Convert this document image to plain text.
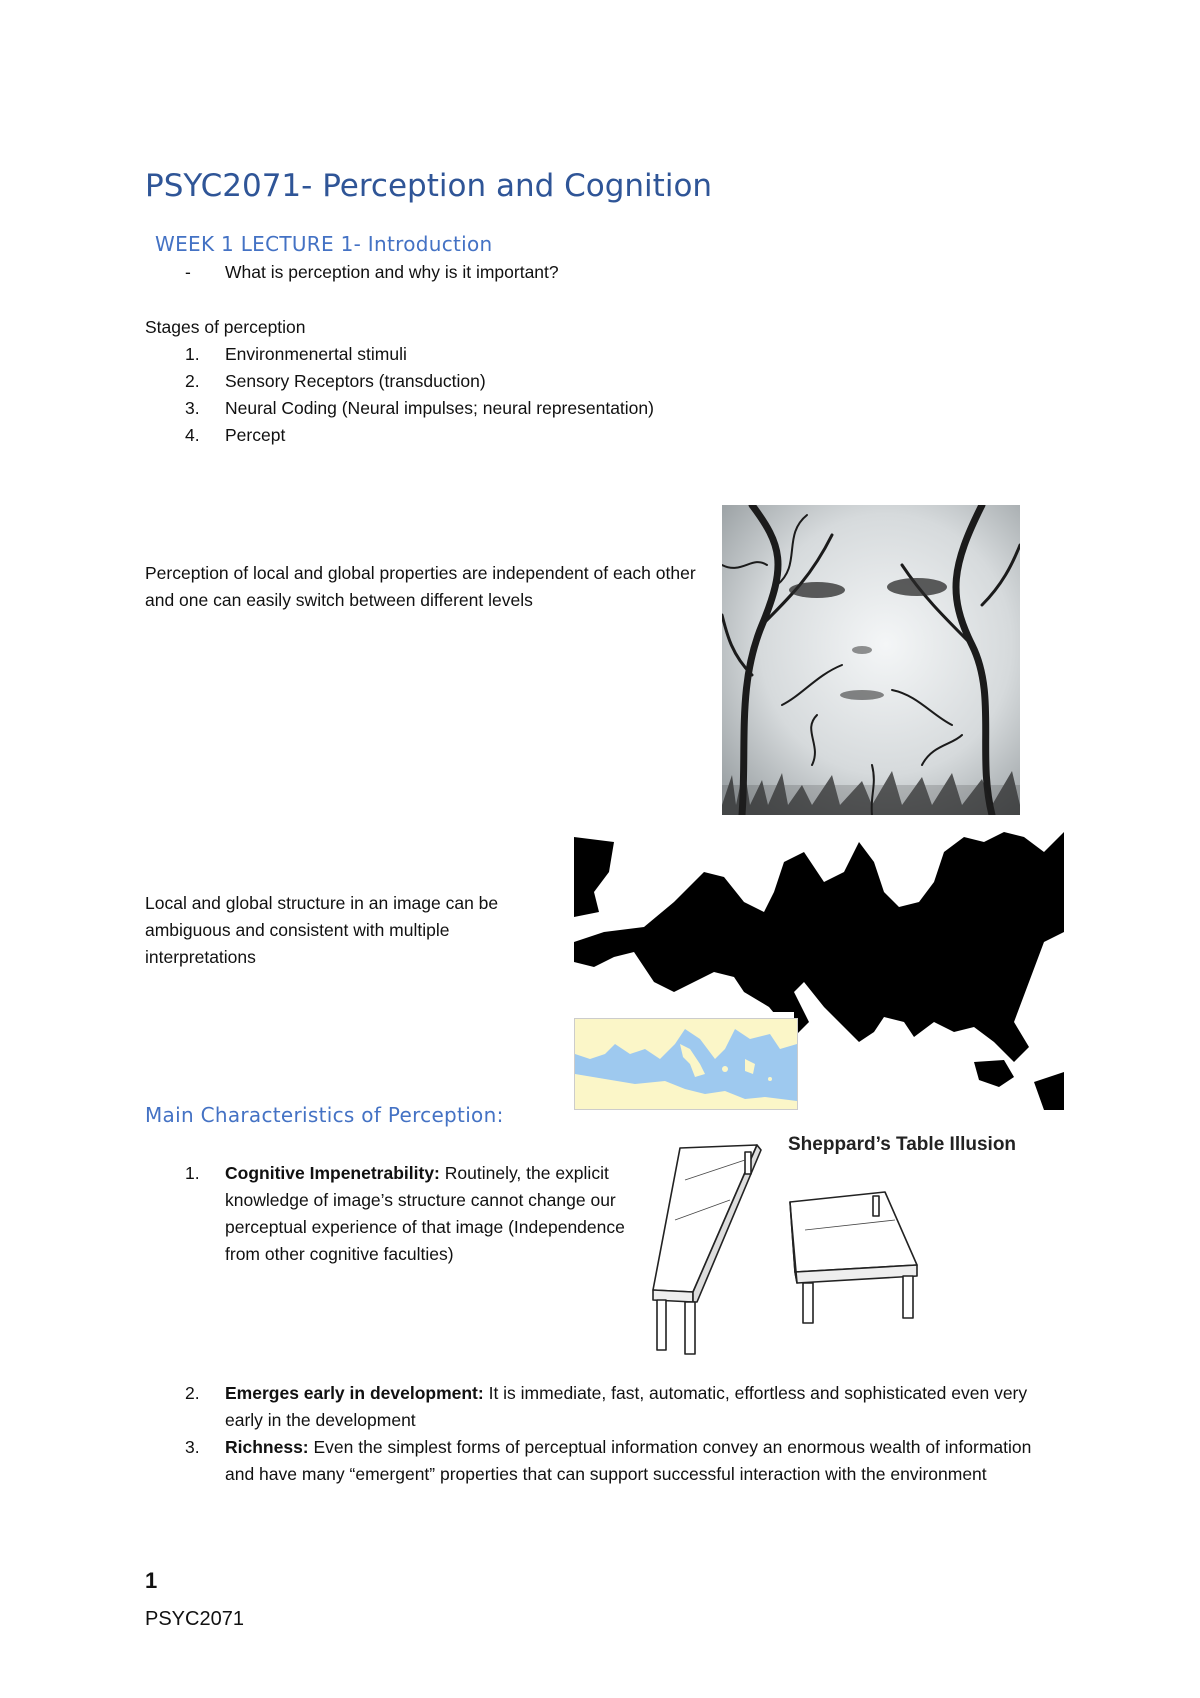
PSYC2071- Perception and Cognition
WEEK 1 LECTURE 1- Introduction
- What is perception and why is it important?
Stages of perception
1. Environmenertal stimuli
2. Sensory Receptors (transduction)
3. Neural Coding (Neural impulses; neural representation)
4. Percept
Perception of local and global properties are independent of each other and one can easily switch between different levels
Local and global structure in an image can be ambiguous and consistent with multiple interpretations
Main Characteristics of Perception:
1.	Cognitive Impenetrability: Routinely, the explicit knowledge of image’s structure cannot change our perceptual experience of that image (Independence from other cognitive faculties)
Sheppard’s Table Illusion
2.	Emerges early in development: It is immediate, fast, automatic, effortless and sophisticated even very early in the development
3.	Richness: Even the simplest forms of perceptual information convey an enormous wealth of information and have many “emergent” properties that can support successful interaction with the environment
1
PSYC2071
